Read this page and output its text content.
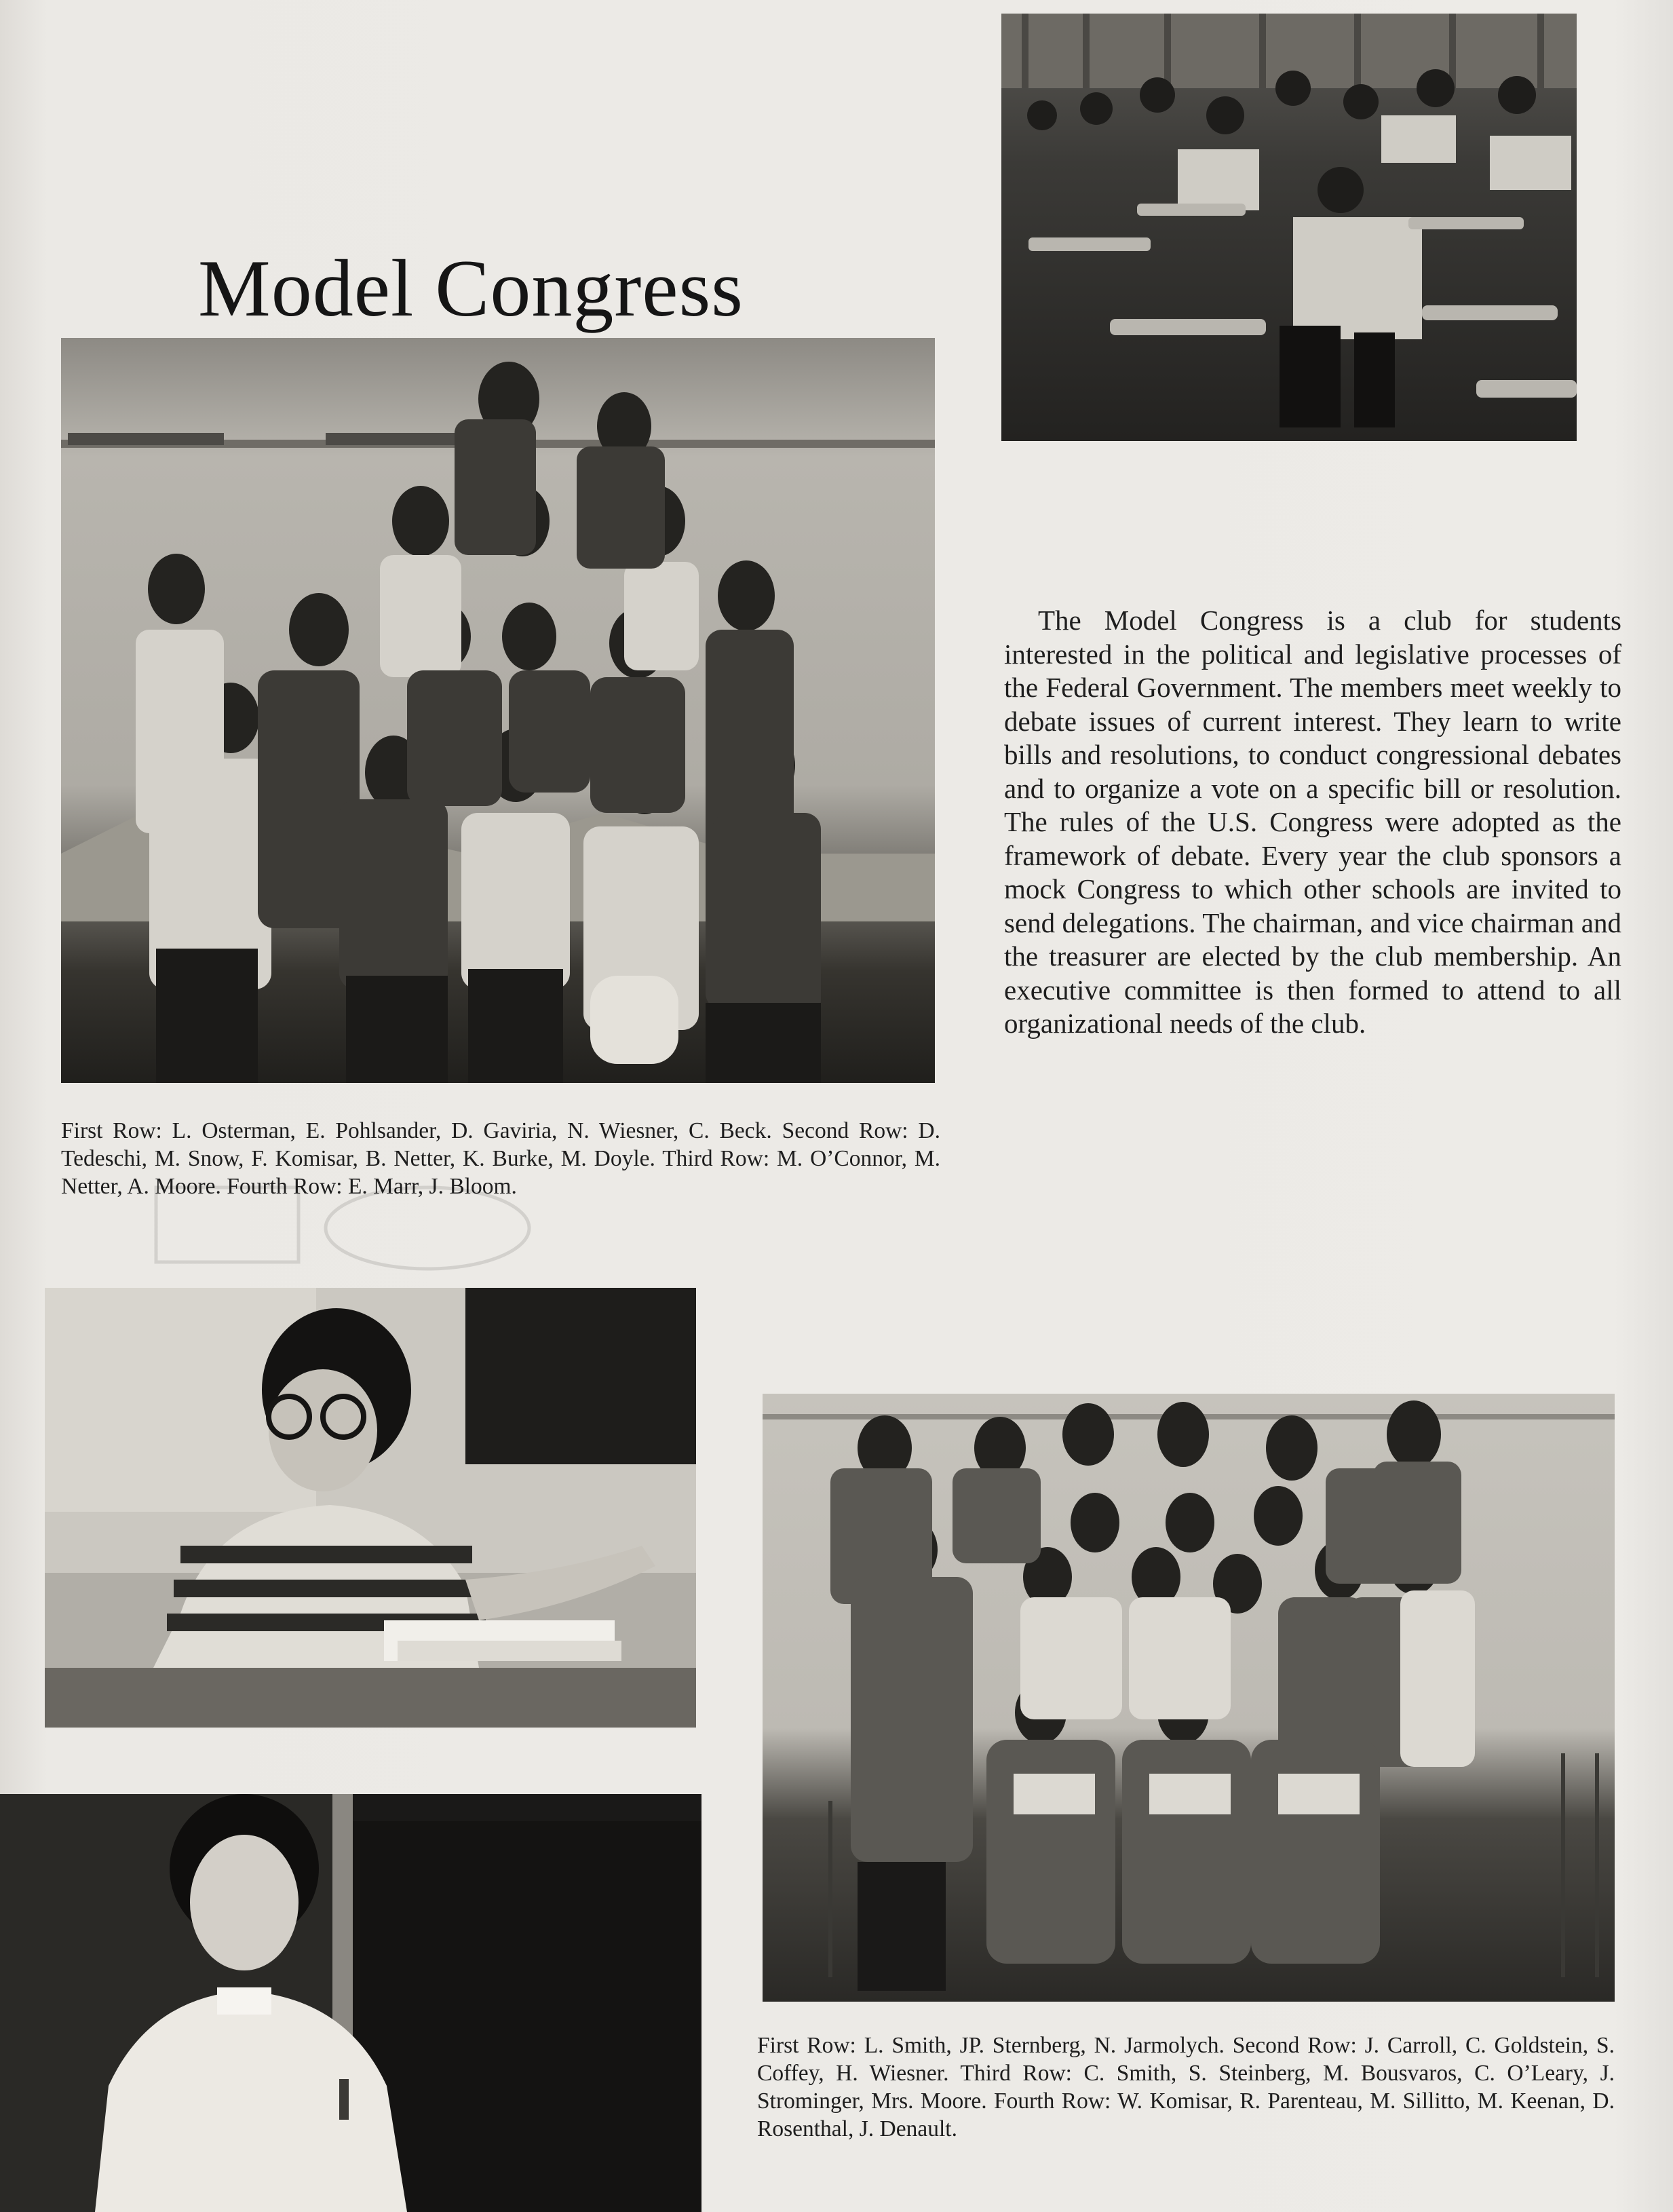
Model Congress
First Row: L. Osterman, E. Pohlsander, D. Gaviria, N. Wiesner, C. Beck. Second Row: D. Tedeschi, M. Snow, F. Komisar, B. Netter, K. Burke, M. Doyle. Third Row: M. O’Connor, M. Netter, A. Moore. Fourth Row: E. Marr, J. Bloom.

The Model Congress is a club for students interested in the political and legislative processes of the Federal Government. The members meet weekly to debate issues of current interest. They learn to write bills and resolutions, to conduct congressional debates and to organize a vote on a specific bill or resolution. The rules of the U.S. Congress were adopted as the framework of debate. Every year the club sponsors a mock Congress to which other schools are invited to send delegations. The chairman, and vice chairman and the treasurer are elected by the club membership. An executive committee is then formed to attend to all organizational needs of the club.

First Row: L. Smith, JP. Sternberg, N. Jarmolych. Second Row: J. Carroll, C. Goldstein, S. Coffey, H. Wiesner. Third Row: C. Smith, S. Steinberg, M. Bousvaros, C. O’Leary, J. Strominger, Mrs. Moore. Fourth Row: W. Komisar, R. Parenteau, M. Sillitto, M. Keenan, D. Rosenthal, J. Denault.
